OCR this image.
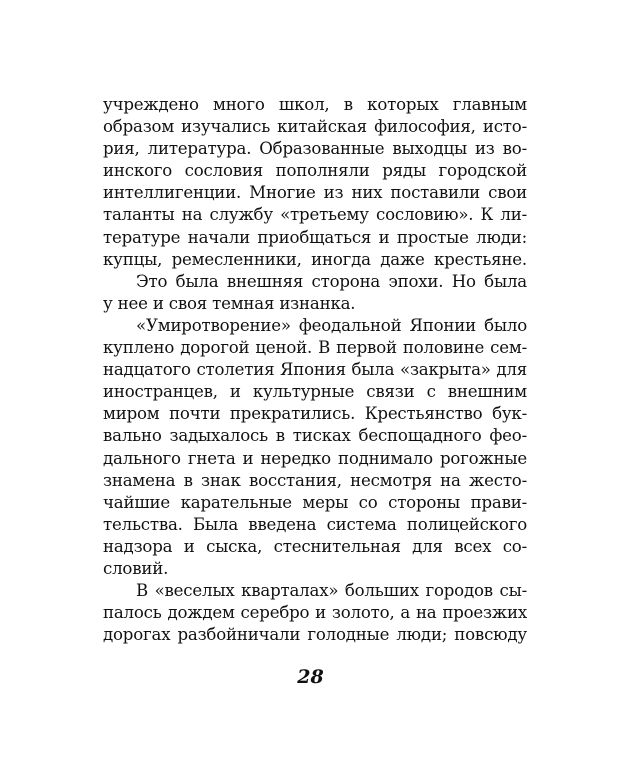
учреждено много школ, в которых главным
образом изучались китайская философия, исто-
рия, литература. Образованные выходцы из во-
инского сословия пополняли ряды городской
интеллигенции. Многие из них поставили свои
таланты на службу «третьему сословию». К ли-
тературе начали приобщаться и простые люди:
купцы, ремесленники, иногда даже крестьяне.
Это была внешняя сторона эпохи. Но была
у нее и своя темная изнанка.
«Умиротворение» феодальной Японии было
куплено дорогой ценой. В первой половине сем-
надцатого столетия Япония была «закрыта» для
иностранцев, и культурные связи с внешним
миром почти прекратились. Крестьянство бук-
вально задыхалось в тисках беспощадного фео-
дального гнета и нередко поднимало рогожные
знамена в знак восстания, несмотря на жесто-
чайшие карательные меры со стороны прави-
тельства. Была введена система полицейского
надзора и сыска, стеснительная для всех со-
словий.
В «веселых кварталах» больших городов сы-
палось дождем серебро и золото, а на проезжих
дорогах разбойничали голодные люди; повсюду
28
